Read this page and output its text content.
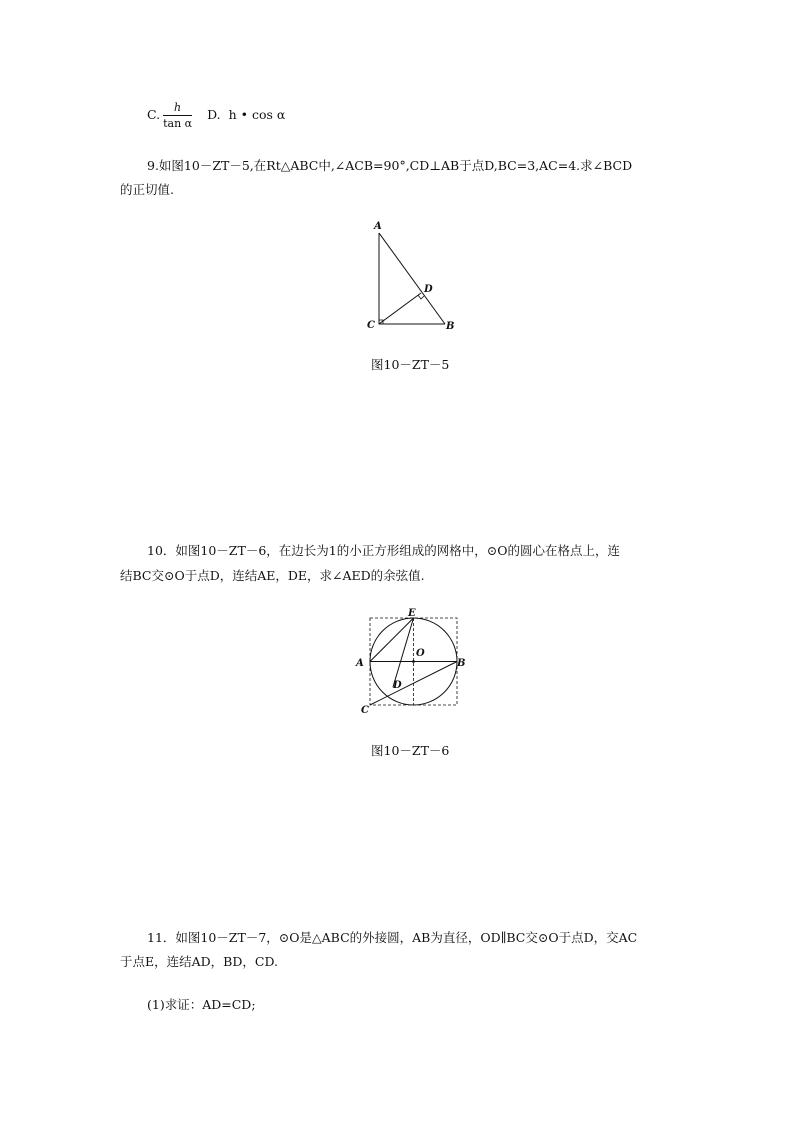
C. $\frac{h}{\text{tan α}} D$. h • cos α
9.如图10－ZT－5,在Rt△ABC中,∠ACB=90°,CD⊥AB于点D,BC=3,AC=4.求∠BCD
的正切值.
A
B
C
D
图10－ZT－5
10．如图10－ZT－6，在边长为1的小正方形组成的网格中，⊙O的圆心在格点上，连
结BC交⊙O于点D，连结AE，DE，求∠AED的余弦值.
A	B
C
D
E
O
图10－ZT－6
11．如图10－ZT－7，⊙O是△ABC的外接圆，AB为直径，OD∥BC交⊙O于点D，交AC
于点E，连结AD，BD，CD.
(1)求证：AD=CD;
